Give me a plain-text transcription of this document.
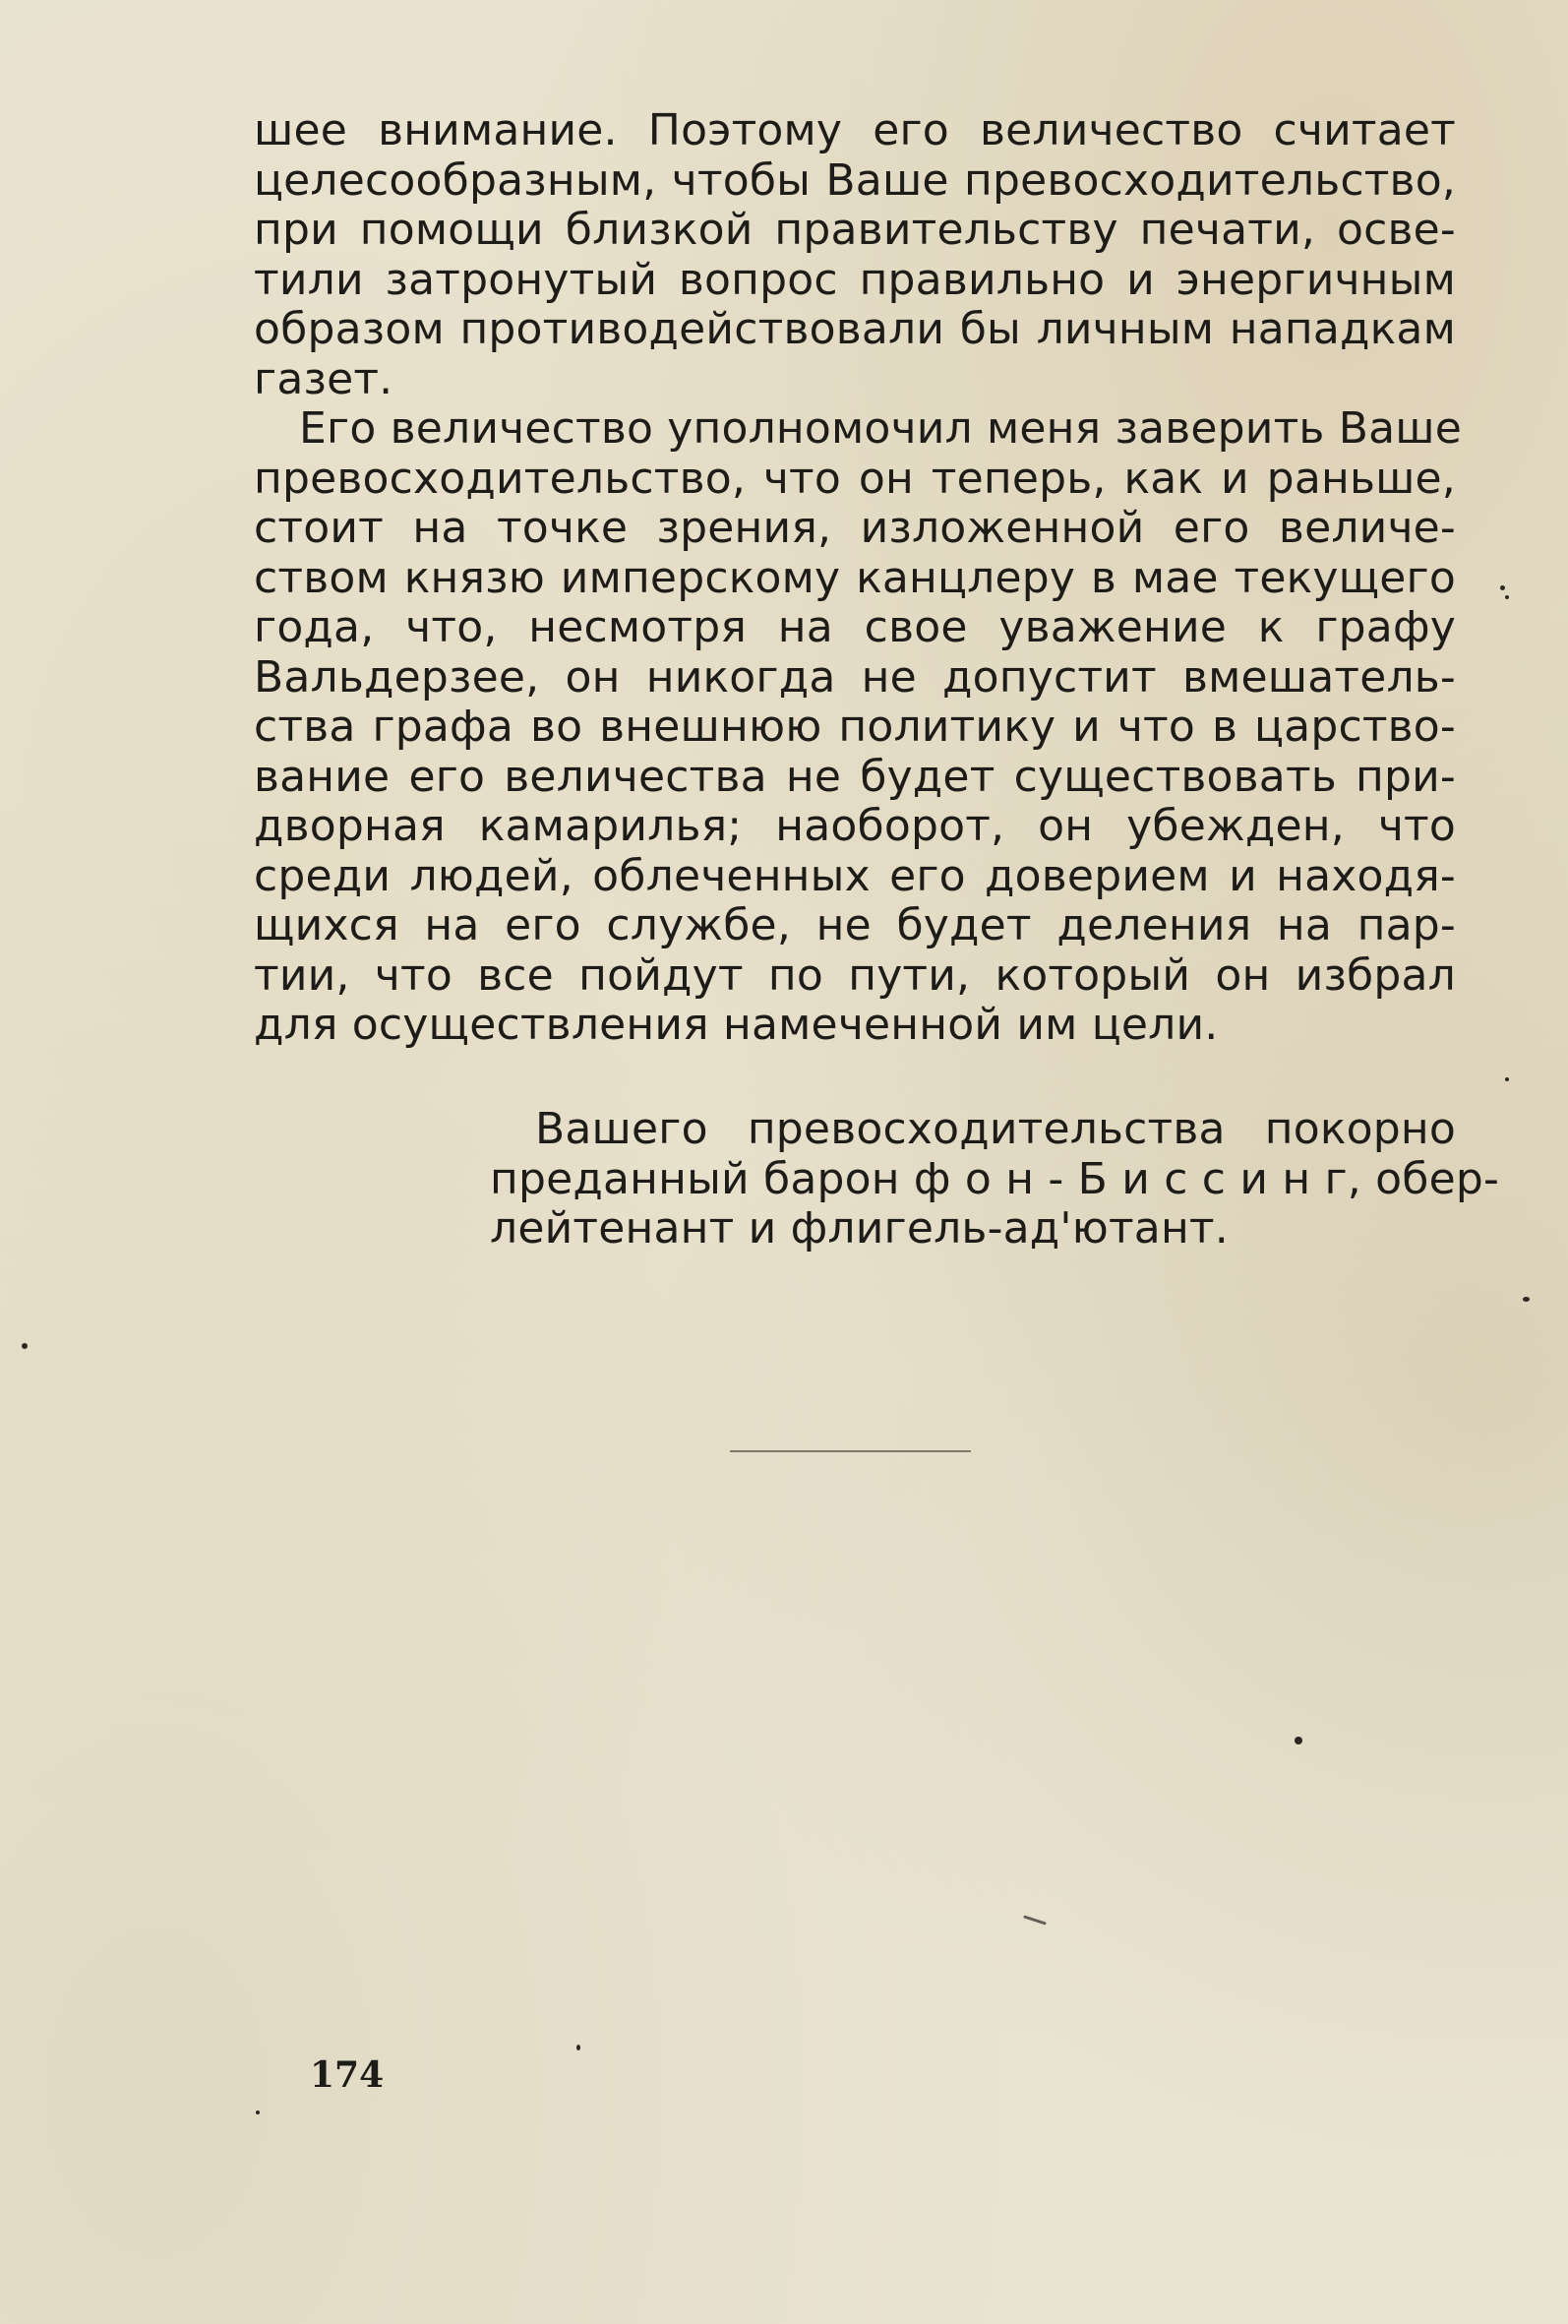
шее внимание. Поэтому его величество считает
целесообразным, чтобы Ваше превосходительство,
при помощи близкой правительству печати, осве-
тили затронутый вопрос правильно и энергичным
образом противодействовали бы личным нападкам
газет.
Его величество уполномочил меня заверить Ваше
превосходительство, что он теперь, как и раньше,
стоит на точке зрения, изложенной его величе-
ством князю имперскому канцлеру в мае текущего
года, что, несмотря на свое уважение к графу
Вальдерзее, он никогда не допустит вмешатель-
ства графа во внешнюю политику и что в царство-
вание его величества не будет существовать при-
дворная камарилья; наоборот, он убежден, что
среди людей, облеченных его доверием и находя-
щихся на его службе, не будет деления на пар-
тии, что все пойдут по пути, который он избрал
для осуществления намеченной им цели.
Вашего превосходительства покорно
преданный барон ф о н - Б и с с и н г, обер-
лейтенант и флигель-ад'ютант.
174
